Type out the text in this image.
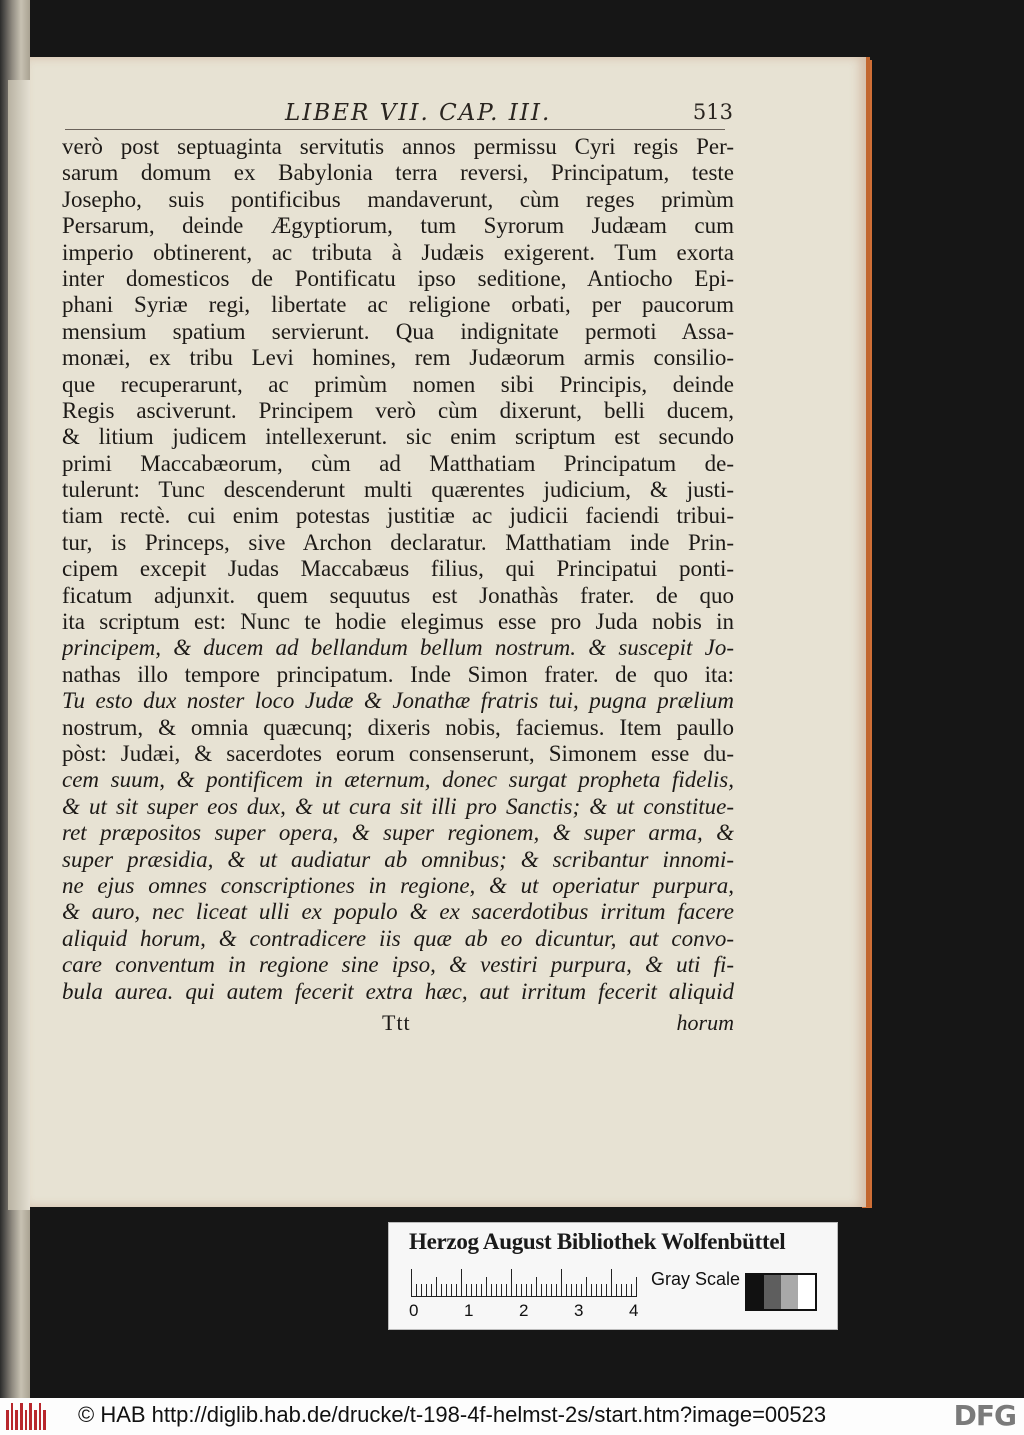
LIBER VII. CAP. III.	513
verò post septuaginta servitutis annos permissu Cyri regis Per-
sarum domum ex Babylonia terra reversi, Principatum, teste
Josepho, suis pontificibus mandaverunt, cùm reges primùm
Persarum, deinde Ægyptiorum, tum Syrorum Judæam cum
imperio obtinerent, ac tributa à Judæis exigerent. Tum exorta
inter domesticos de Pontificatu ipso seditione, Antiocho Epi-
phani Syriæ regi, libertate ac religione orbati, per paucorum
mensium spatium servierunt. Qua indignitate permoti Assa-
monæi, ex tribu Levi homines, rem Judæorum armis consilio-
que recuperarunt, ac primùm nomen sibi Principis, deinde
Regis asciverunt. Principem verò cùm dixerunt, belli ducem,
& litium judicem intellexerunt. sic enim scriptum est secundo
primi Maccabæorum, cùm ad Matthatiam Principatum de-
tulerunt: Tunc descenderunt multi quærentes judicium, & justi-
tiam rectè. cui enim potestas justitiæ ac judicii faciendi tribui-
tur, is Princeps, sive Archon declaratur. Matthatiam inde Prin-
cipem excepit Judas Maccabæus filius, qui Principatui ponti-
ficatum adjunxit. quem sequutus est Jonathàs frater. de quo
ita scriptum est: Nunc te hodie elegimus esse pro Juda nobis in
principem, & ducem ad bellandum bellum nostrum. & suscepit Jo-
nathas illo tempore principatum. Inde Simon frater. de quo ita:
Tu esto dux noster loco Judæ & Jonathæ fratris tui, pugna prælium
nostrum, & omnia quæcunq; dixeris nobis, faciemus. Item paullo
pòst: Judæi, & sacerdotes eorum consenserunt, Simonem esse du-
cem suum, & pontificem in æternum, donec surgat propheta fidelis,
& ut sit super eos dux, & ut cura sit illi pro Sanctis; & ut constitue-
ret præpositos super opera, & super regionem, & super arma, &
super præsidia, & ut audiatur ab omnibus; & scribantur innomi-
ne ejus omnes conscriptiones in regione, & ut operiatur purpura,
& auro, nec liceat ulli ex populo & ex sacerdotibus irritum facere
aliquid horum, & contradicere iis quæ ab eo dicuntur, aut convo-
care conventum in regione sine ipso, & vestiri purpura, & uti fi-
bula aurea. qui autem fecerit extra hæc, aut irritum fecerit aliquid
Ttt	horum
Herzog August Bibliothek Wolfenbüttel
0	1	2	3	4
Gray Scale
© HAB http://diglib.hab.de/drucke/t-198-4f-helmst-2s/start.htm?image=00523	DFG
